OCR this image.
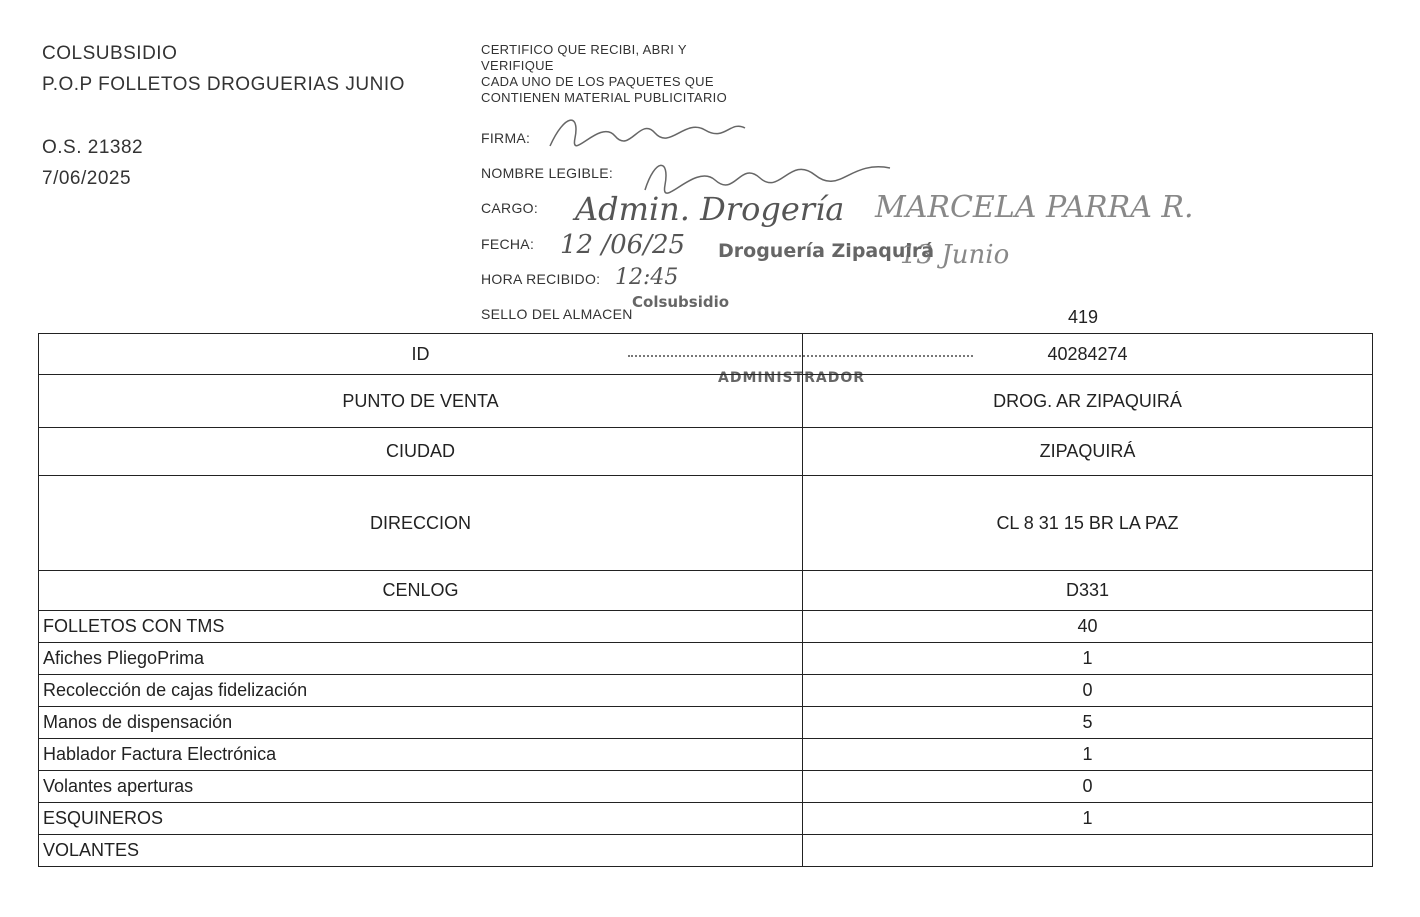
COLSUBSIDIO
P.O.P FOLLETOS DROGUERIAS JUNIO
O.S. 21382
7/06/2025
CERTIFICO QUE RECIBI, ABRI Y
VERIFIQUE
CADA UNO DE LOS PAQUETES QUE
CONTIENEN MATERIAL PUBLICITARIO
FIRMA:
NOMBRE LEGIBLE:
CARGO:
FECHA:
HORA RECIBIDO:
SELLO DEL ALMACEN
Admin. Drogería
12 /06/25
12:45
MARCELA PARRA R.
13 Junio
Droguería Zipaquirá
Colsubsidio
ADMINISTRADOR
419
ID	40284274
PUNTO DE VENTA	DROG. AR ZIPAQUIRÁ
CIUDAD	ZIPAQUIRÁ
DIRECCION	CL 8 31 15 BR LA PAZ
CENLOG	D331
FOLLETOS CON TMS	40
Afiches PliegoPrima	1
Recolección de cajas fidelización	0
Manos de dispensación	5
Hablador Factura Electrónica	1
Volantes aperturas	0
ESQUINEROS	1
VOLANTES	
